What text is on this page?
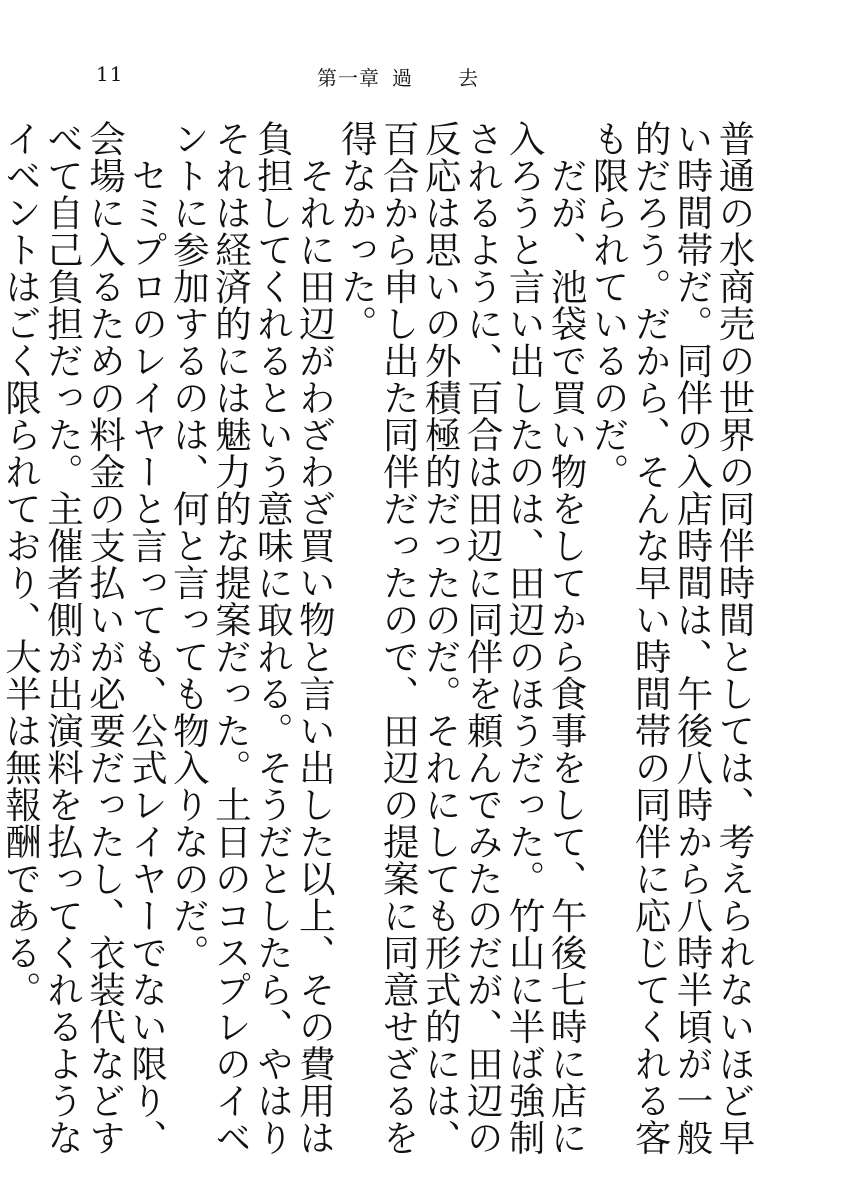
11	第一章 過去

普通の水商売の世界の同伴時間としては、考えられないほど早い時間帯だ。同伴の入店時間は、午後八時から八時半頃が一般的だろう。だから、そんな早い時間帯の同伴に応じてくれる客も限られているのだ。

だが、池袋で買い物をしてから食事をして、午後七時に店に入ろうと言い出したのは、田辺のほうだった。竹山に半ば強制されるように、百合は田辺に同伴を頼んでみたのだが、田辺の反応は思いの外積極的だったのだ。それにしても形式的には、百合から申し出た同伴だったので、田辺の提案に同意せざるを得なかった。

それに田辺がわざわざ買い物と言い出した以上、その費用は負担してくれるという意味に取れる。そうだとしたら、やはりそれは経済的には魅力的な提案だった。土日のコスプレのイベントに参加するのは、何と言っても物入りなのだ。

セミプロのレイヤーと言っても、公式レイヤーでない限り、会場に入るための料金の支払いが必要だったし、衣装代などすべて自己負担だった。主催者側が出演料を払ってくれるようなイベントはごく限られており、大半は無報酬である。
